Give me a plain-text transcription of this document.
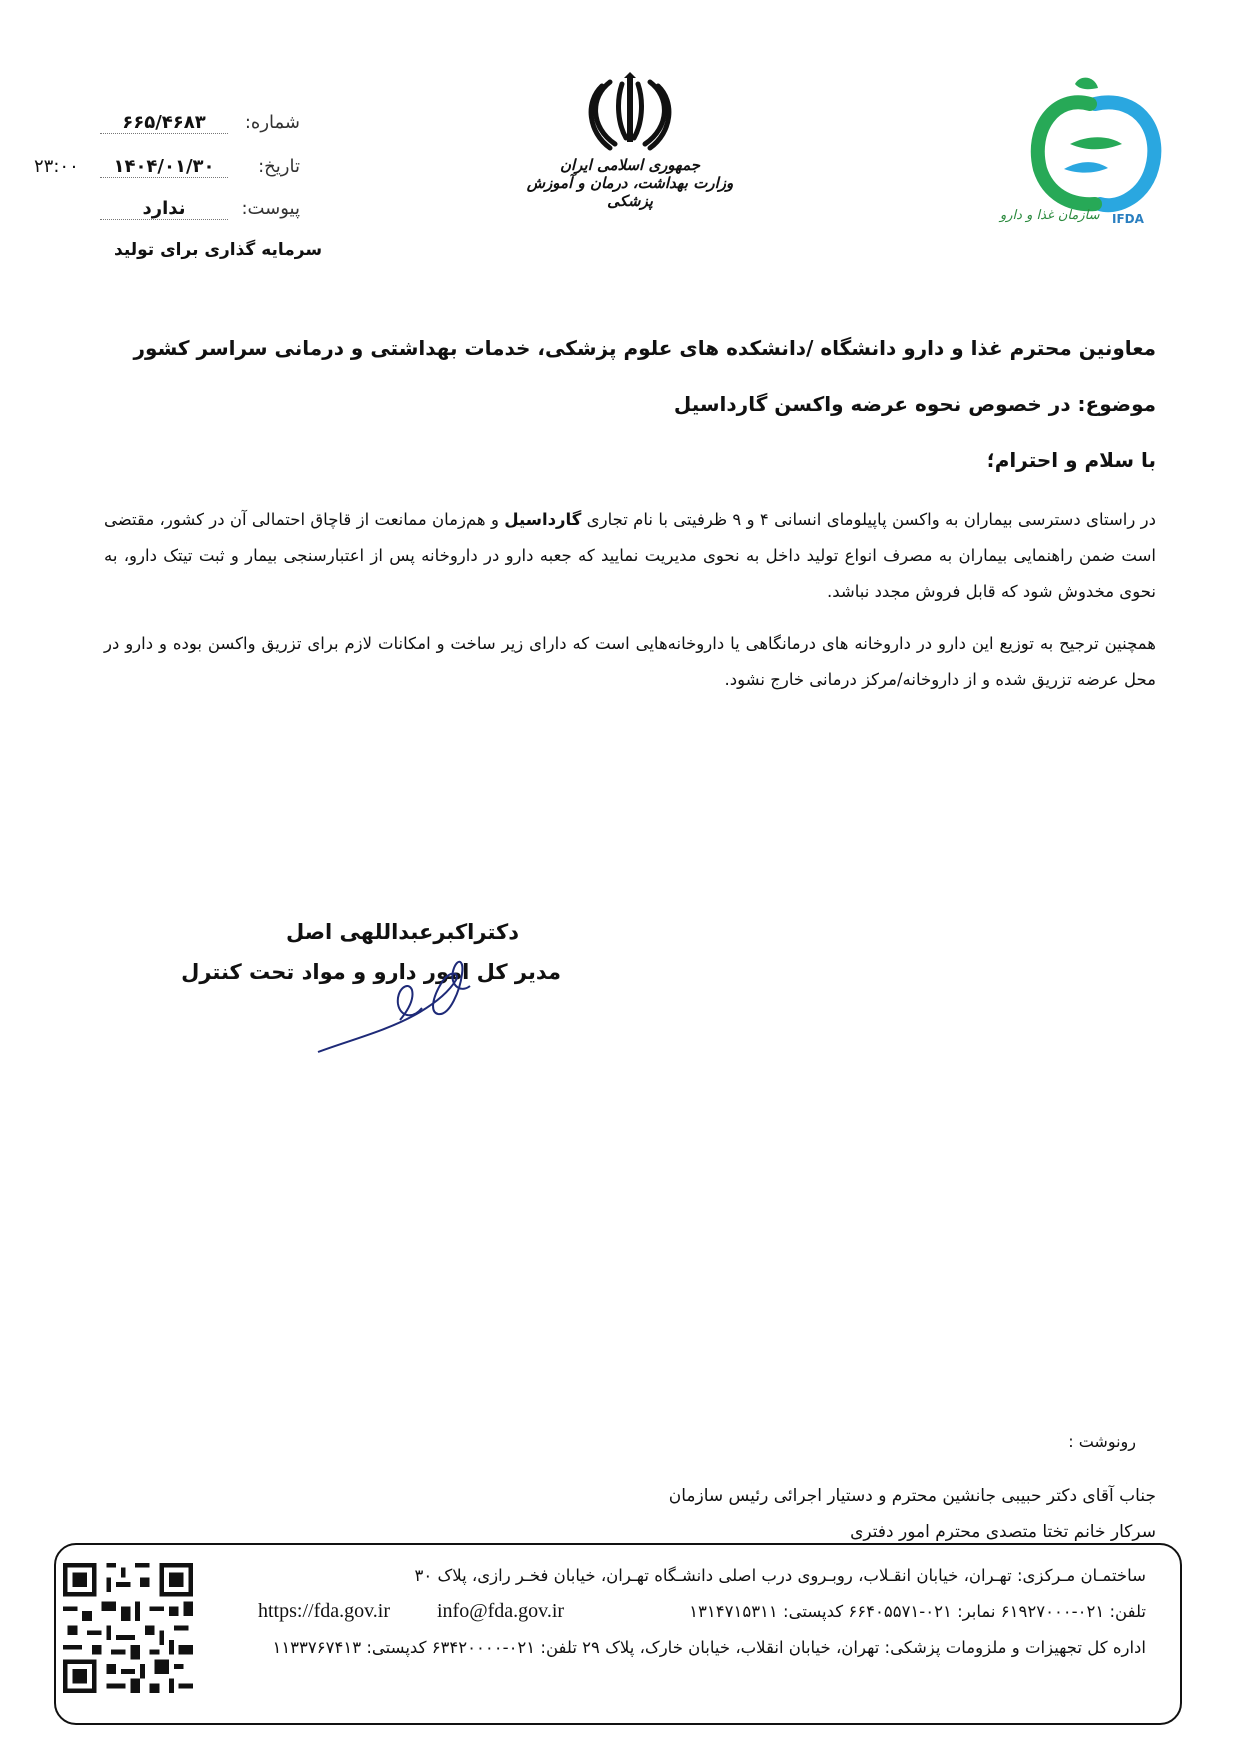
شماره:
۶۶۵/۴۶۸۳
تاریخ:
۱۴۰۴/۰۱/۳۰
۲۳:۰۰
پیوست:
ندارد
سرمایه گذاری برای تولید
جمهوری اسلامی ایران
وزارت بهداشت، درمان و آموزش پزشکی
سازمان غذا و دارو IFDA
معاونین محترم غذا و دارو دانشگاه /دانشکده های علوم پزشکی، خدمات بهداشتی و درمانی سراسر کشور
موضوع: در خصوص نحوه عرضه واکسن گارداسیل
با سلام و احترام؛
در راستای دسترسی بیماران به واکسن پاپیلومای انسانی ۴ و ۹ ظرفیتی با نام تجاری گارداسیل و هم‌زمان ممانعت از قاچاق احتمالی آن در کشور، مقتضی است ضمن راهنمایی بیماران به مصرف انواع تولید داخل به نحوی مدیریت نمایید که جعبه دارو در داروخانه پس از اعتبارسنجی بیمار و ثبت تیتک دارو، به نحوی مخدوش شود که قابل فروش مجدد نباشد.
همچنین ترجیح به توزیع این دارو در داروخانه های درمانگاهی یا داروخانه‌هایی است که دارای زیر ساخت و امکانات لازم برای تزریق واکسن بوده و دارو در محل عرضه تزریق شده و از داروخانه/مرکز درمانی خارج نشود.
دکتراکبرعبداللهی اصل
مدیر کل امور دارو و مواد تحت کنترل
رونوشت :
جناب آقای دکتر حبیبی جانشین محترم و دستیار اجرائی رئیس سازمان
سرکار خانم تختا متصدی محترم امور دفتری
ساختمـان مـرکزی: تهـران، خیابان انقـلاب، روبـروی درب اصلی دانشـگاه تهـران، خیابان فخـر رازی، پلاک ۳۰
تلفن: ۰۲۱-۶۱۹۲۷۰۰۰ نمابر: ۰۲۱-۶۶۴۰۵۵۷۱ کدپستی: ۱۳۱۴۷۱۵۳۱۱
info@fda.gov.ir
https://fda.gov.ir
اداره کل تجهیزات و ملزومات پزشکی: تهران، خیابان انقلاب، خیابان خارک، پلاک ۲۹ تلفن: ۰۲۱-۶۳۴۲۰۰۰۰ کدپستی: ۱۱۳۳۷۶۷۴۱۳
